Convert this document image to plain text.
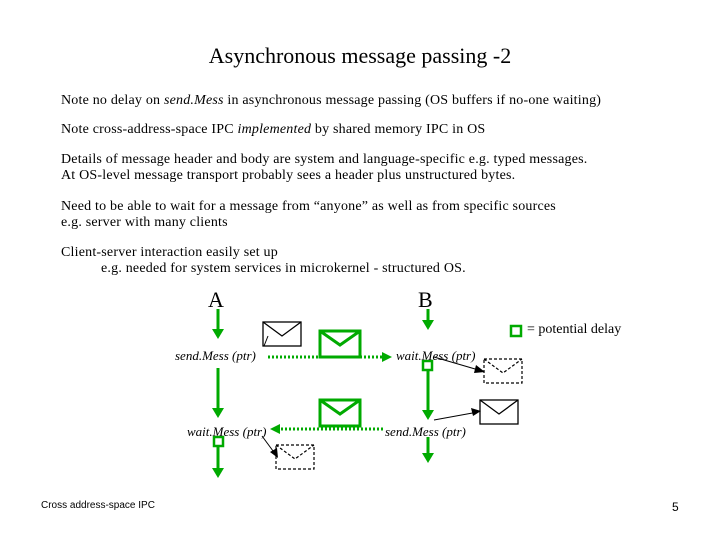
Asynchronous message passing -2
Note no delay on send.Mess in asynchronous message passing (OS buffers if no-one waiting)
Note cross-address-space IPC implemented by shared memory IPC in OS
Details of message header and body are system and language-specific e.g. typed messages.
At OS-level message transport probably sees a header plus unstructured bytes.
Need to be able to wait for a message from “anyone” as well as from specific sources
e.g. server with many clients
Client-server interaction easily set up
e.g. needed for system services in microkernel - structured OS.
A	B
= potential delay
send.Mess (ptr)	wait.Mess (ptr)
wait.Mess (ptr)	send.Mess (ptr)
Cross address-space IPC	5
